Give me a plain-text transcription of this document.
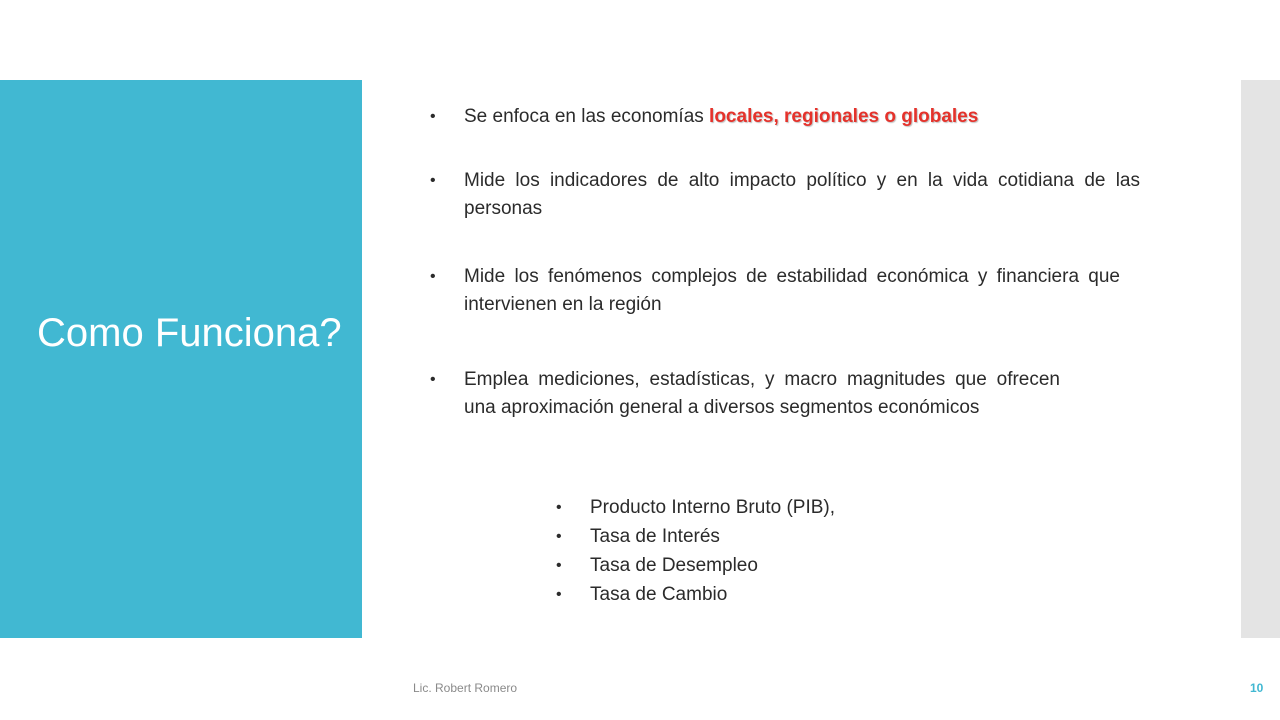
Como Funciona?
• Se enfoca en las economías locales, regionales o globales
• Mide los indicadores de alto impacto político y en la vida cotidiana de las personas
• Mide los fenómenos complejos de estabilidad económica y financiera que intervienen en la región
• Emplea mediciones, estadísticas, y macro magnitudes que ofrecen una aproximación general a diversos segmentos económicos
• Producto Interno Bruto (PIB),
• Tasa de Interés
• Tasa de Desempleo
• Tasa de Cambio
Lic. Robert Romero	10
